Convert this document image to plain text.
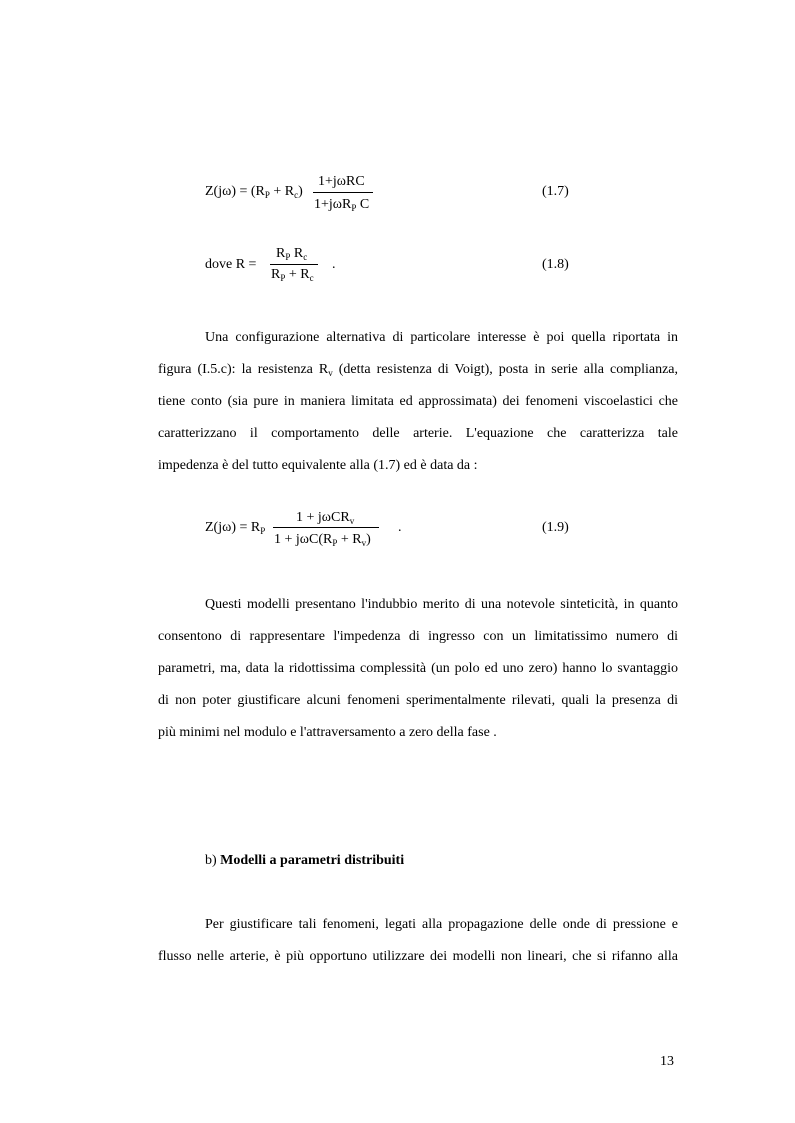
$Z(j\omega) = (R_P + R_c)$
1+jωRC
1+jωR$_P$ C
(1.7)
dove R =
$R_P$ $R_c$
$R_P + R_c$
.	(1.8)
Una configurazione alternativa di particolare interesse è poi quella riportata in
figura (I.5.c): la resistenza $R_v$ (detta resistenza di Voigt), posta in serie alla complianza,
tiene conto (sia pure in maniera limitata ed approssimata) dei fenomeni viscoelastici che
caratterizzano il comportamento delle arterie. L'equazione che caratterizza tale
impedenza è del tutto equivalente alla (1.7) ed è data da :
$Z(j\omega) = R_P$
1 + jωCR$_v$
$1 + j\omega C(R_P + R_v)$
.	(1.9)
Questi modelli presentano l'indubbio merito di una notevole sinteticità, in quanto
consentono di rappresentare l'impedenza di ingresso con un limitatissimo numero di
parametri, ma, data la ridottissima complessità (un polo ed uno zero) hanno lo svantaggio
di non poter giustificare alcuni fenomeni sperimentalmente rilevati, quali la presenza di
più minimi nel modulo e l'attraversamento a zero della fase .
b) Modelli a parametri distribuiti
Per giustificare tali fenomeni, legati alla propagazione delle onde di pressione e
flusso nelle arterie, è più opportuno utilizzare dei modelli non lineari, che si rifanno alla
13
